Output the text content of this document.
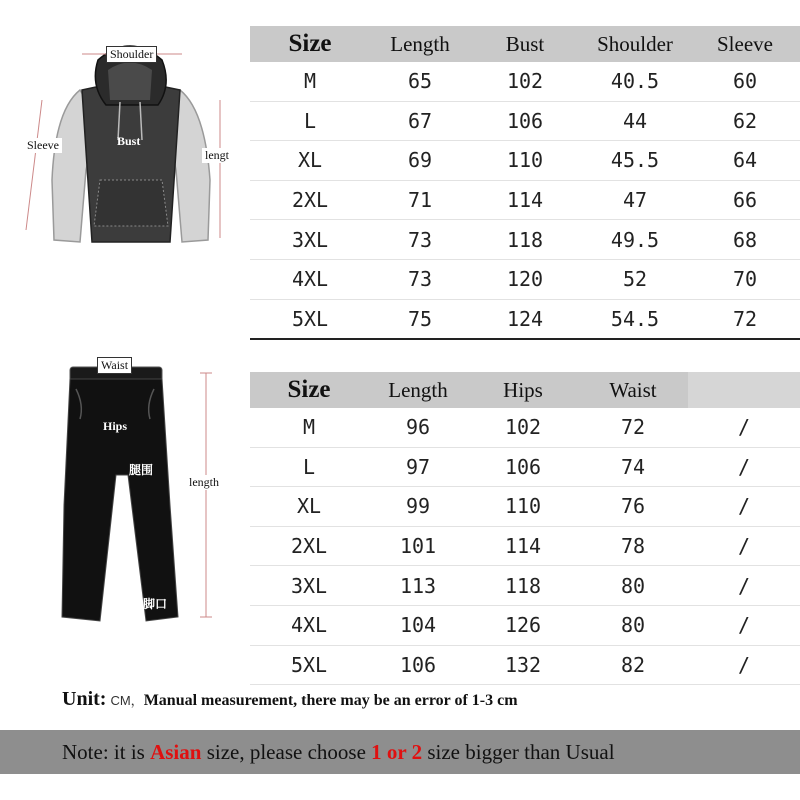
Shoulder
Sleeve	Bust
lengt
Waist
Hips
腿围
length
脚口
Size	Length	Bust	Shoulder	Sleeve
M	65	102	40.5	60
L	67	106	44	62
XL	69	110	45.5	64
2XL	71	114	47	66
3XL	73	118	49.5	68
4XL	73	120	52	70
5XL	75	124	54.5	72
Size	Length	Hips	Waist	
M	96	102	72	/
L	97	106	74	/
XL	99	110	76	/
2XL	101	114	78	/
3XL	113	118	80	/
4XL	104	126	80	/
5XL	106	132	82	/
Unit: CM，Manual measurement, there may be an error of 1-3 cm
Note: it is Asian size, please choose 1 or 2 size bigger than Usual
